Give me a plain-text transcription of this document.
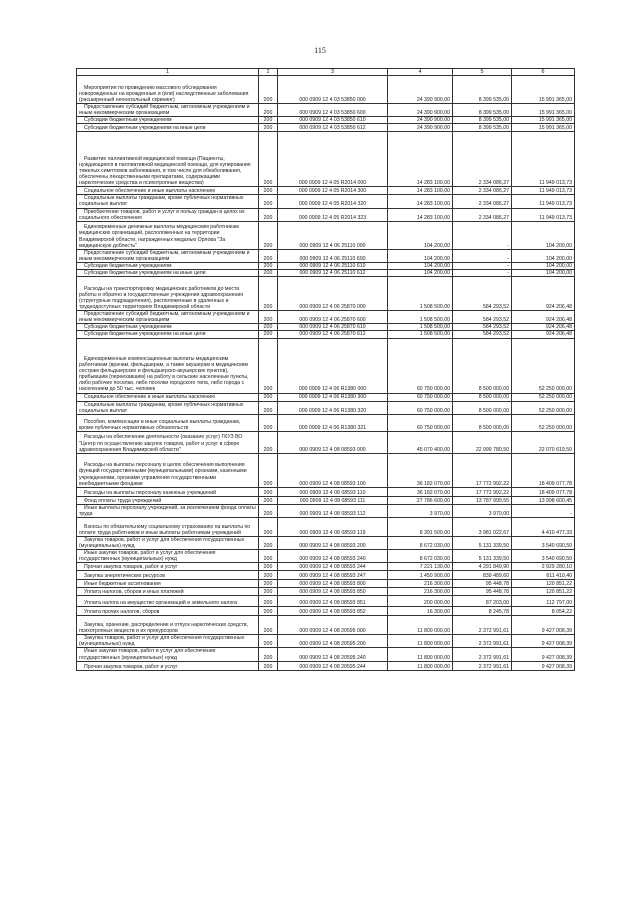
115
1	2	3	4	5	6
Мероприятия по проведению массового обследования новорожденных на врожденные и (или) наследственные заболевания (расширенный неонатальный скрининг)	200	000 0909 12 4 03 53850 000	24 390 900,00	8 399 535,00	15 991 365,00
Предоставление субсидий бюджетным, автономным учреждениям и иным некоммерческим организациям	200	000 0909 12 4 03 53850 600	24 390 900,00	8 399 535,00	15 991 365,00
Субсидии бюджетным учреждениям	200	000 0909 12 4 03 53850 610	24 390 900,00	8 399 535,00	15 991 365,00
Субсидии бюджетным учреждениям на иные цели	200	000 0909 12 4 03 53850 612	24 390 900,00	8 399 535,00	15 991 365,00
Развитие паллиативной медицинской помощи (Пациенты, нуждающиеся в паллиативной медицинской помощи, для купирования тяжелых симптомов заболевания, в том числе для обезболивания, обеспечены лекарственными препаратами, содержащими наркотические средства и психотропные вещества)	200	000 0909 12 4 05 R2014 000	14 283 100,00	2 334 086,27	11 949 013,73
Социальное обеспечение и иные выплаты населению	200	000 0909 12 4 05 R2014 300	14 283 100,00	2 334 086,27	11 949 013,73
Социальные выплаты гражданам, кроме публичных нормативных социальных выплат	200	000 0909 12 4 05 R2014 320	14 283 100,00	2 334 086,27	11 949 013,73
Приобретение товаров, работ и услуг в пользу граждан в целях их социального обеспечения	200	000 0909 12 4 05 R2014 323	14 283 100,00	2 334 086,27	11 949 013,73
Единовременные денежные выплаты медицинским работникам медицинских организаций, расположенных на территории Владимирской области, награжденных медалью Орлова "За медицинскую доблесть"	200	000 0909 12 4 06 25110 000	104 200,00	-	104 200,00
Предоставление субсидий бюджетным, автономным учреждениям и иным некоммерческим организациям	200	000 0909 12 4 06 25110 600	104 200,00	-	104 200,00
Субсидии бюджетным учреждениям	200	000 0909 12 4 06 25110 610	104 200,00	-	104 200,00
Субсидии бюджетным учреждениям на иные цели	200	000 0909 12 4 06 25110 612	104 200,00	-	104 200,00
Расходы на транспортировку медицинских работников до места работы и обратно в государственные учреждения здравоохранения (структурные подразделения), расположенные в удаленных и труднодоступных территориях Владимирской области	200	000 0909 12 4 06 25870 000	1 508 500,00	584 293,52	924 206,48
Предоставление субсидий бюджетным, автономным учреждениям и иным некоммерческим организациям	200	000 0909 12 4 06 25870 600	1 508 500,00	584 293,52	924 206,48
Субсидии бюджетным учреждениям	200	000 0909 12 4 06 25870 610	1 508 500,00	584 293,52	924 206,48
Субсидии бюджетным учреждениям на иные цели	200	000 0909 12 4 06 25870 612	1 508 500,00	584 293,52	924 206,48
Единовременные компенсационные выплаты медицинским работникам (врачам, фельдшерам, а также акушерам и медицинским сестрам фельдшерских и фельдшерско-акушерских пунктов), прибывшим (переехавшим) на работу в сельские населенные пункты, либо рабочие поселки, либо поселки городского типа, либо города с населением до 50 тыс. человек	200	000 0909 12 4 06 R1380 000	60 750 000,00	8 500 000,00	52 250 000,00
Социальное обеспечение и иные выплаты населению	200	000 0909 12 4 06 R1380 300	60 750 000,00	8 500 000,00	52 250 000,00
Социальные выплаты гражданам, кроме публичных нормативных социальных выплат	200	000 0909 12 4 06 R1380 320	60 750 000,00	8 500 000,00	52 250 000,00
Пособия, компенсации и иные социальные выплаты гражданам, кроме публичных нормативных обязательств	200	000 0909 12 4 06 R1380 321	60 750 000,00	8 500 000,00	52 250 000,00
Расходы на обеспечение деятельности (оказание услуг) ГКУЗ ВО "Центр по осуществлению закупок товаров, работ и услуг в сфере здравоохранения Владимирской области"	200	000 0909 12 4 08 08593 000	45 070 400,00	22 999 780,50	22 070 619,50
Расходы на выплаты персоналу в целях обеспечения выполнения функций государственными (муниципальными) органами, казенными учреждениями, органами управления государственными внебюджетными фондами	200	000 0909 12 4 08 08593 100	36 182 070,00	17 772 992,22	18 409 077,78
Расходы на выплаты персоналу казенных учреждений	200	000 0909 12 4 08 08593 110	36 182 070,00	17 772 992,22	18 409 077,78
Фонд оплаты труда учреждений	200	000 0909 12 4 08 08593 111	27 786 600,00	13 787 999,55	13 998 600,45
Иные выплаты персоналу учреждений, за исключением фонда оплаты труда	200	000 0909 12 4 08 08593 112	3 970,00	3 970,00	-
Взносы по обязательному социальному страхованию на выплаты по оплате труда работников и иные выплаты работникам учреждений	200	000 0909 12 4 08 08593 119	8 391 500,00	3 981 022,67	4 410 477,33
Закупка товаров, работ и услуг для обеспечения государственных (муниципальных) нужд	200	000 0909 12 4 08 08593 200	8 672 030,00	5 131 339,50	3 540 690,50
Иные закупки товаров, работ и услуг для обеспечения государственных (муниципальных) нужд	200	000 0909 12 4 08 08593 240	8 672 030,00	5 131 339,50	3 540 690,50
Прочая закупка товаров, работ и услуг	200	000 0909 12 4 08 08593 244	7 221 130,00	4 291 849,90	2 929 280,10
Закупка энергетических ресурсов	200	000 0909 12 4 08 08593 247	1 450 900,00	839 489,60	611 410,40
Иные бюджетные ассигнования	200	000 0909 12 4 08 08593 800	216 300,00	95 448,78	120 851,22
Уплата налогов, сборов и иных платежей	200	000 0909 12 4 08 08593 850	216 300,00	95 448,78	120 851,22
Уплата налога на имущество организаций и земельного налога	200	000 0909 12 4 08 08593 851	200 000,00	87 203,00	112 797,00
Уплата прочих налогов, сборов	200	000 0909 12 4 08 08593 852	16 300,00	8 245,78	8 054,22
Закупка, хранение, распределение и отпуск наркотических средств, психотропных веществ и их прекурсоров	200	000 0909 12 4 08 20595 000	11 800 000,00	2 372 991,61	9 427 008,39
Закупка товаров, работ и услуг для обеспечения государственных (муниципальных) нужд	200	000 0909 12 4 08 20595 200	11 800 000,00	2 372 991,61	9 427 008,39
Иные закупки товаров, работ и услуг для обеспечения государственных (муниципальных) нужд	200	000 0909 12 4 08 20595 240	11 800 000,00	2 372 991,61	9 427 008,39
Прочая закупка товаров, работ и услуг	200	000 0909 12 4 08 20595 244	11 800 000,00	2 372 991,61	9 427 008,39
